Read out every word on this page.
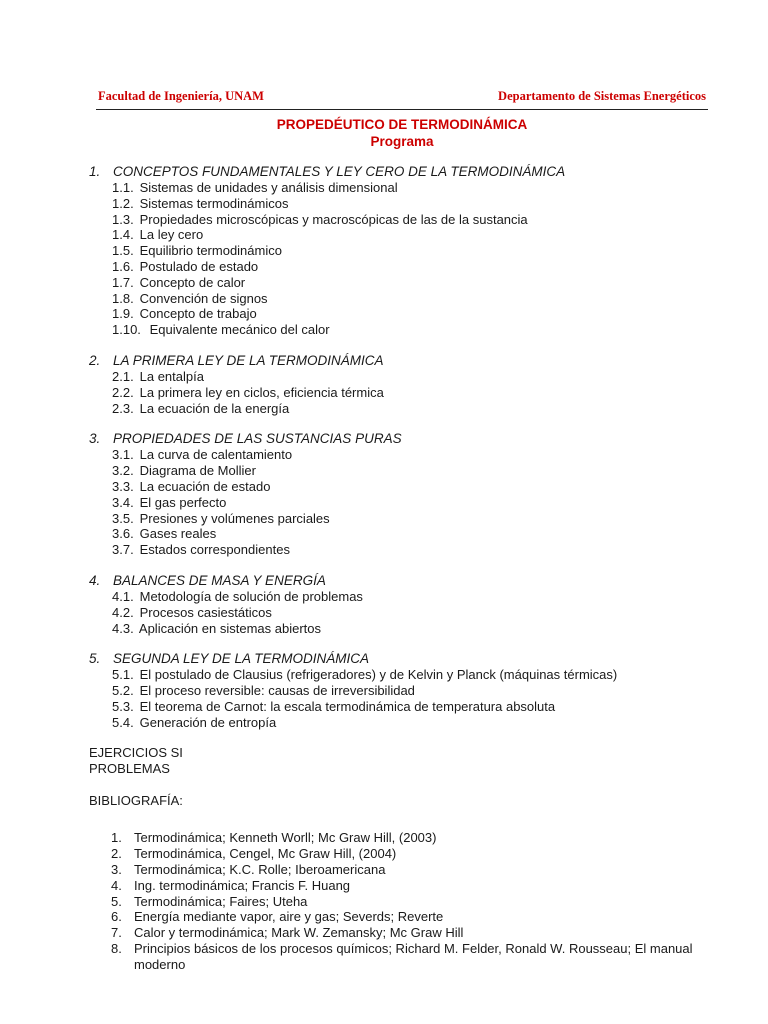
Facultad de Ingeniería, UNAM	Departamento de Sistemas Energéticos
PROPEDÉUTICO DE TERMODINÁMICA
Programa
1. CONCEPTOS FUNDAMENTALES Y LEY CERO DE LA TERMODINÁMICA
1.1. Sistemas de unidades y análisis dimensional
1.2. Sistemas termodinámicos
1.3. Propiedades microscópicas y macroscópicas de las de la sustancia
1.4. La ley cero
1.5. Equilibrio termodinámico
1.6. Postulado de estado
1.7. Concepto de calor
1.8. Convención de signos
1.9. Concepto de trabajo
1.10. Equivalente mecánico del calor
2. LA PRIMERA LEY DE LA TERMODINÁMICA
2.1. La entalpía
2.2. La primera ley en ciclos, eficiencia térmica
2.3. La ecuación de la energía
3. PROPIEDADES DE LAS SUSTANCIAS PURAS
3.1. La curva de calentamiento
3.2. Diagrama de Mollier
3.3. La ecuación de estado
3.4. El gas perfecto
3.5. Presiones y volúmenes parciales
3.6. Gases reales
3.7. Estados correspondientes
4. BALANCES DE MASA Y ENERGÍA
4.1. Metodología de solución de problemas
4.2. Procesos casiestáticos
4.3. Aplicación en sistemas abiertos
5. SEGUNDA LEY DE LA TERMODINÁMICA
5.1. El postulado de Clausius (refrigeradores) y de Kelvin y Planck (máquinas térmicas)
5.2. El proceso reversible: causas de irreversibilidad
5.3. El teorema de Carnot: la escala termodinámica de temperatura absoluta
5.4. Generación de entropía
EJERCICIOS SI
PROBLEMAS
BIBLIOGRAFÍA:
1. Termodinámica; Kenneth Worll; Mc Graw Hill, (2003)
2. Termodinámica, Cengel, Mc Graw Hill, (2004)
3. Termodinámica; K.C. Rolle; Iberoamericana
4. Ing. termodinámica; Francis F. Huang
5. Termodinámica; Faires; Uteha
6. Energía mediante vapor, aire y gas; Severds; Reverte
7. Calor y termodinámica; Mark W. Zemansky; Mc Graw Hill
8. Principios básicos de los procesos químicos; Richard M. Felder, Ronald W. Rousseau; El manual moderno
